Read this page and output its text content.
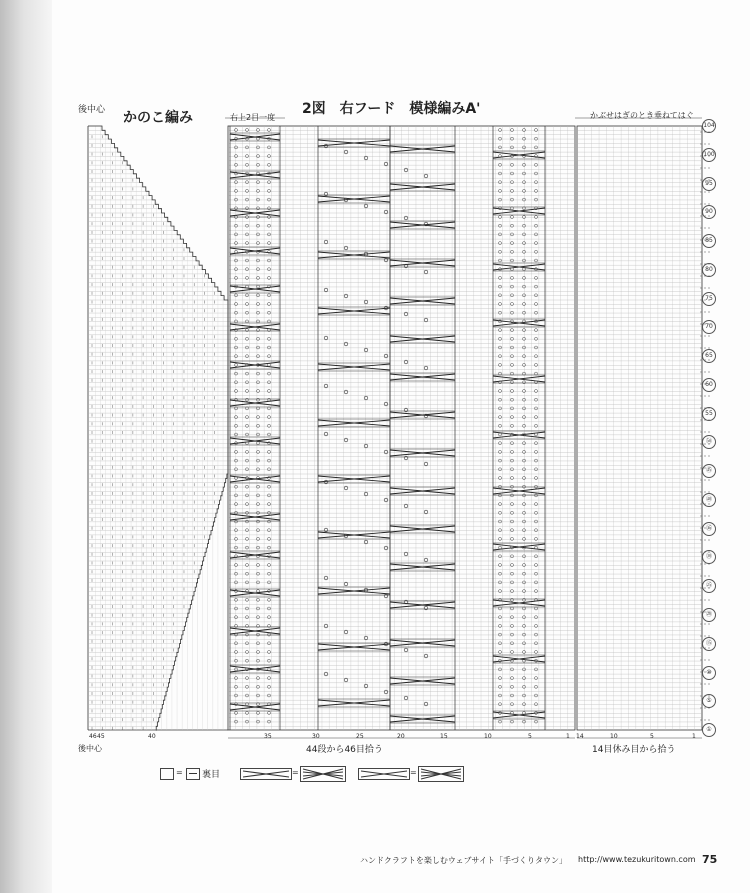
後中心 かのこ編み	右上2目一度
2図　右フード　模様編みA'	かぶせはぎのとき垂ねてはぐ
後中心	44段から46目拾う	14目休み目から拾う
46 45	40	35	30	25	20	15	10	5	1 14	10	5	1
①
⑤
⑩
⑮
⑳
㉕
㉚
㉟
㊵
㊺
㊿
55
60
65
70
75
80
85
90
95
100
104
= 裏目	=	=
ハンドクラフトを楽しむウェブサイト「手づくりタウン」 http://www.tezukuritown.com 75
